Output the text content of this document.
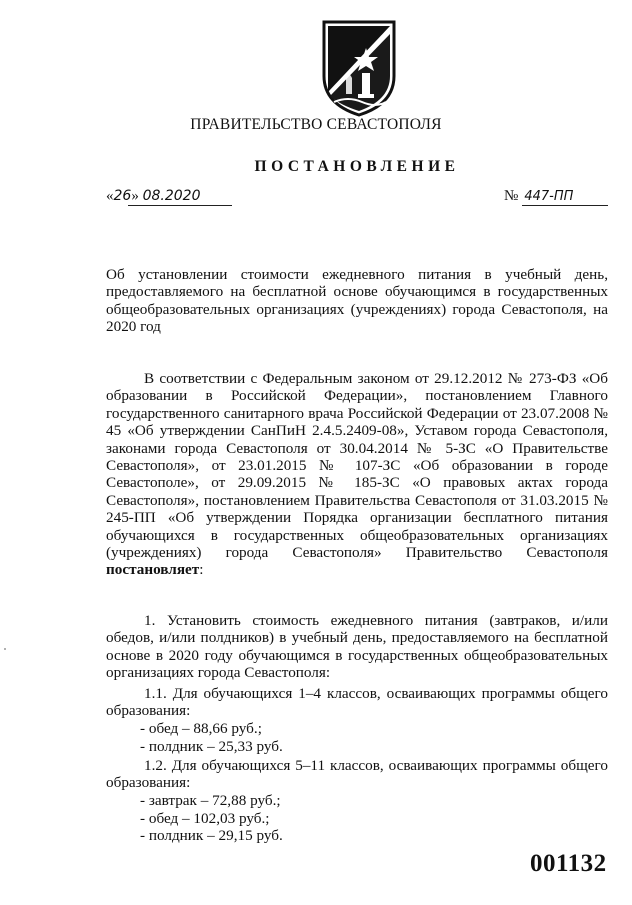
ПРАВИТЕЛЬСТВО СЕВАСТОПОЛЯ
ПОСТАНОВЛЕНИЕ
«26» 08.2020	№ 447-ПП
Об установлении стоимости ежедневного питания в учебный день, предоставляемого на бесплатной основе обучающимся в государственных общеобразовательных организациях (учреждениях) города Севастополя, на 2020 год
В соответствии с Федеральным законом от 29.12.2012 № 273-ФЗ «Об образовании в Российской Федерации», постановлением Главного государственного санитарного врача Российской Федерации от 23.07.2008 № 45 «Об утверждении СанПиН 2.4.5.2409-08», Уставом города Севастополя, законами города Севастополя от 30.04.2014 № 5-ЗС «О Правительстве Севастополя», от 23.01.2015 № 107-ЗС «Об образовании в городе Севастополе», от 29.09.2015 № 185-ЗС «О правовых актах города Севастополя», постановлением Правительства Севастополя от 31.03.2015 № 245-ПП «Об утверждении Порядка организации бесплатного питания обучающихся в государственных общеобразовательных организациях (учреждениях) города Севастополя» Правительство Севастополя постановляет:
1. Установить стоимость ежедневного питания (завтраков, и/или обедов, и/или полдников) в учебный день, предоставляемого на бесплатной основе в 2020 году обучающимся в государственных общеобразовательных организациях города Севастополя:
1.1. Для обучающихся 1–4 классов, осваивающих программы общего образования:
- обед – 88,66 руб.;
- полдник – 25,33 руб.
1.2. Для обучающихся 5–11 классов, осваивающих программы общего образования:
- завтрак – 72,88 руб.;
- обед – 102,03 руб.;
- полдник – 29,15 руб.
001132
